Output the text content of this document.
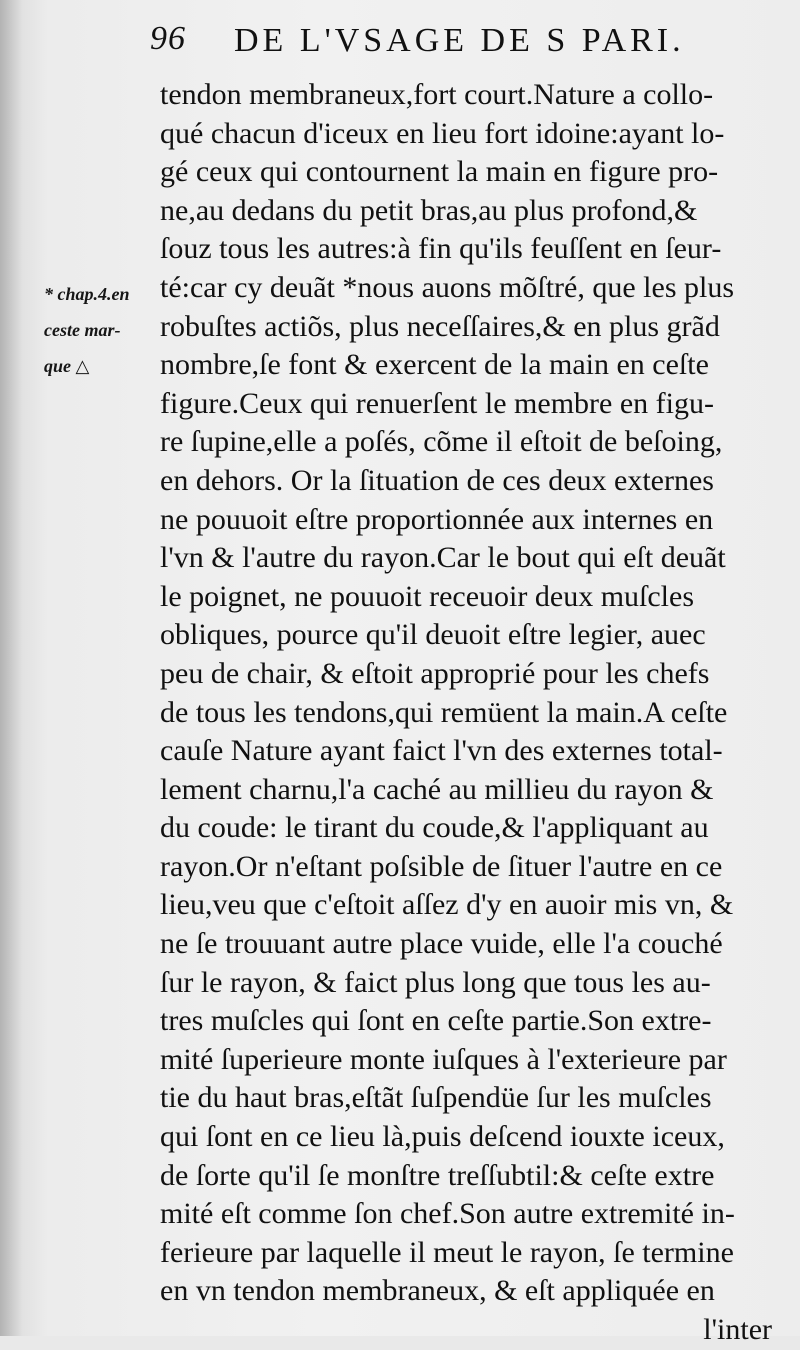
96 DE L'VSAGE DE S PARI.
* chap.4.en
ceste mar-
que △
tendon membraneux,fort court.Nature a collo-
qué chacun d'iceux en lieu fort idoine:ayant lo-
gé ceux qui contournent la main en figure pro-
ne,au dedans du petit bras,au plus profond,&
ſouz tous les autres:à fin qu'ils feuſſent en ſeur-
té:car cy deuãt *nous auons mõſtré, que les plus
robuſtes actiõs, plus neceſſaires,& en plus grãd
nombre,ſe font & exercent de la main en ceſte
figure.Ceux qui renuerſent le membre en figu-
re ſupine,elle a poſés, cõme il eſtoit de beſoing,
en dehors. Or la ſituation de ces deux externes
ne pouuoit eſtre proportionnée aux internes en
l'vn & l'autre du rayon.Car le bout qui eſt deuãt
le poignet, ne pouuoit receuoir deux muſcles
obliques, pource qu'il deuoit eſtre legier, auec
peu de chair, & eſtoit approprié pour les chefs
de tous les tendons,qui remüent la main.A ceſte
cauſe Nature ayant faict l'vn des externes total-
lement charnu,l'a caché au millieu du rayon &
du coude: le tirant du coude,& l'appliquant au
rayon.Or n'eſtant poſsible de ſituer l'autre en ce
lieu,veu que c'eſtoit aſſez d'y en auoir mis vn, &
ne ſe trouuant autre place vuide, elle l'a couché
ſur le rayon, & faict plus long que tous les au-
tres muſcles qui ſont en ceſte partie.Son extre-
mité ſuperieure monte iuſques à l'exterieure par
tie du haut bras,eſtãt ſuſpendüe ſur les muſcles
qui ſont en ce lieu là,puis deſcend iouxte iceux,
de ſorte qu'il ſe monſtre treſſubtil:& ceſte extre
mité eſt comme ſon chef.Son autre extremité in-
ferieure par laquelle il meut le rayon, ſe termine
en vn tendon membraneux, & eſt appliquée en
l'inter
